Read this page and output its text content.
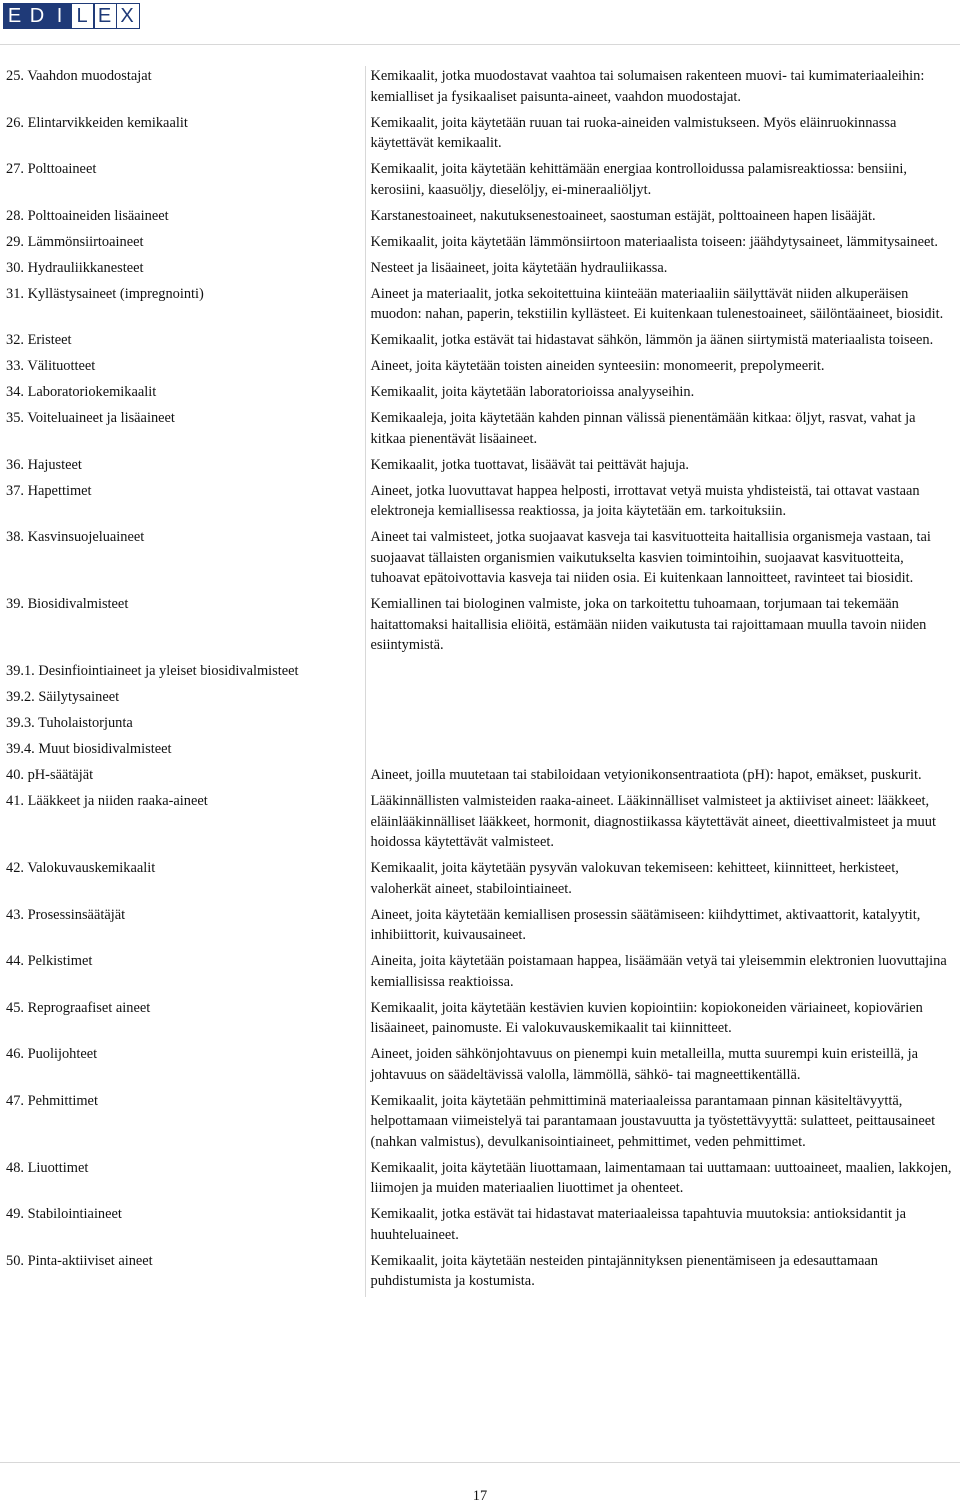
E D I L E X
25. Vaahdon muodostajat	Kemikaalit, jotka muodostavat vaahtoa tai solumaisen rakenteen muovi- tai kumimateriaaleihin: kemialliset ja fysikaaliset paisunta-aineet, vaahdon muodostajat.
26. Elintarvikkeiden kemikaalit	Kemikaalit, joita käytetään ruuan tai ruoka-aineiden valmistukseen. Myös eläinruokinnassa käytettävät kemikaalit.
27. Polttoaineet	Kemikaalit, joita käytetään kehittämään energiaa kontrolloidussa palamisreaktiossa: bensiini, kerosiini, kaasuöljy, dieselöljy, ei-mineraaliöljyt.
28. Polttoaineiden lisäaineet	Karstanestoaineet, nakutuksenestoaineet, saostuman estäjät, polttoaineen hapen lisääjät.
29. Lämmönsiirtoaineet	Kemikaalit, joita käytetään lämmönsiirtoon materiaalista toiseen: jäähdytysaineet, lämmitysaineet.
30. Hydrauliikkanesteet	Nesteet ja lisäaineet, joita käytetään hydrauliikassa.
31. Kyllästysaineet (impregnointi)	Aineet ja materiaalit, jotka sekoitettuina kiinteään materiaaliin säilyttävät niiden alkuperäisen muodon: nahan, paperin, tekstiilin kyllästeet. Ei kuitenkaan tulenestoaineet, säilöntäaineet, biosidit.
32. Eristeet	Kemikaalit, jotka estävät tai hidastavat sähkön, lämmön ja äänen siirtymistä materiaalista toiseen.
33. Välituotteet	Aineet, joita käytetään toisten aineiden synteesiin: monomeerit, prepolymeerit.
34. Laboratoriokemikaalit	Kemikaalit, joita käytetään laboratorioissa analyyseihin.
35. Voiteluaineet ja lisäaineet	Kemikaaleja, joita käytetään kahden pinnan välissä pienentämään kitkaa: öljyt, rasvat, vahat ja kitkaa pienentävät lisäaineet.
36. Hajusteet	Kemikaalit, jotka tuottavat, lisäävät tai peittävät hajuja.
37. Hapettimet	Aineet, jotka luovuttavat happea helposti, irrottavat vetyä muista yhdisteistä, tai ottavat vastaan elektroneja kemiallisessa reaktiossa, ja joita käytetään em. tarkoituksiin.
38. Kasvinsuojeluaineet	Aineet tai valmisteet, jotka suojaavat kasveja tai kasvituotteita haitallisia organismeja vastaan, tai suojaavat tällaisten organismien vaikutukselta kasvien toimintoihin, suojaavat kasvituotteita, tuhoavat epätoivottavia kasveja tai niiden osia. Ei kuitenkaan lannoitteet, ravinteet tai biosidit.
39. Biosidivalmisteet	Kemiallinen tai biologinen valmiste, joka on tarkoitettu tuhoamaan, torjumaan tai tekemään haitattomaksi haitallisia eliöitä, estämään niiden vaikutusta tai rajoittamaan muulla tavoin niiden esiintymistä.
39.1. Desinfiointiaineet ja yleiset biosidivalmisteet	
39.2. Säilytysaineet	
39.3. Tuholaistorjunta	
39.4. Muut biosidivalmisteet	
40. pH-säätäjät	Aineet, joilla muutetaan tai stabiloidaan vetyionikonsentraatiota (pH): hapot, emäkset, puskurit.
41. Lääkkeet ja niiden raaka-aineet	Lääkinnällisten valmisteiden raaka-aineet. Lääkinnälliset valmisteet ja aktiiviset aineet: lääkkeet, eläinlääkinnälliset lääkkeet, hormonit, diagnostiikassa käytettävät aineet, dieettivalmisteet ja muut hoidossa käytettävät valmisteet.
42. Valokuvauskemikaalit	Kemikaalit, joita käytetään pysyvän valokuvan tekemiseen: kehitteet, kiinnitteet, herkisteet, valoherkät aineet, stabilointiaineet.
43. Prosessinsäätäjät	Aineet, joita käytetään kemiallisen prosessin säätämiseen: kiihdyttimet, aktivaattorit, katalyytit, inhibiittorit, kuivausaineet.
44. Pelkistimet	Aineita, joita käytetään poistamaan happea, lisäämään vetyä tai yleisemmin elektronien luovuttajina kemiallisissa reaktioissa.
45. Reprograafiset aineet	Kemikaalit, joita käytetään kestävien kuvien kopiointiin: kopiokoneiden väriaineet, kopiovärien lisäaineet, painomuste. Ei valokuvauskemikaalit tai kiinnitteet.
46. Puolijohteet	Aineet, joiden sähkönjohtavuus on pienempi kuin metalleilla, mutta suurempi kuin eristeillä, ja johtavuus on säädeltävissä valolla, lämmöllä, sähkö- tai magneettikentällä.
47. Pehmittimet	Kemikaalit, joita käytetään pehmittiminä materiaaleissa parantamaan pinnan käsiteltävyyttä, helpottamaan viimeistelyä tai parantamaan joustavuutta ja työstettävyyttä: sulatteet, peittausaineet (nahkan valmistus), devulkanisointiaineet, pehmittimet, veden pehmittimet.
48. Liuottimet	Kemikaalit, joita käytetään liuottamaan, laimentamaan tai uuttamaan: uuttoaineet, maalien, lakkojen, liimojen ja muiden materiaalien liuottimet ja ohenteet.
49. Stabilointiaineet	Kemikaalit, jotka estävät tai hidastavat materiaaleissa tapahtuvia muutoksia: antioksidantit ja huuhteluaineet.
50. Pinta-aktiiviset aineet	Kemikaalit, joita käytetään nesteiden pintajännityksen pienentämiseen ja edesauttamaan puhdistumista ja kostumista.
17
